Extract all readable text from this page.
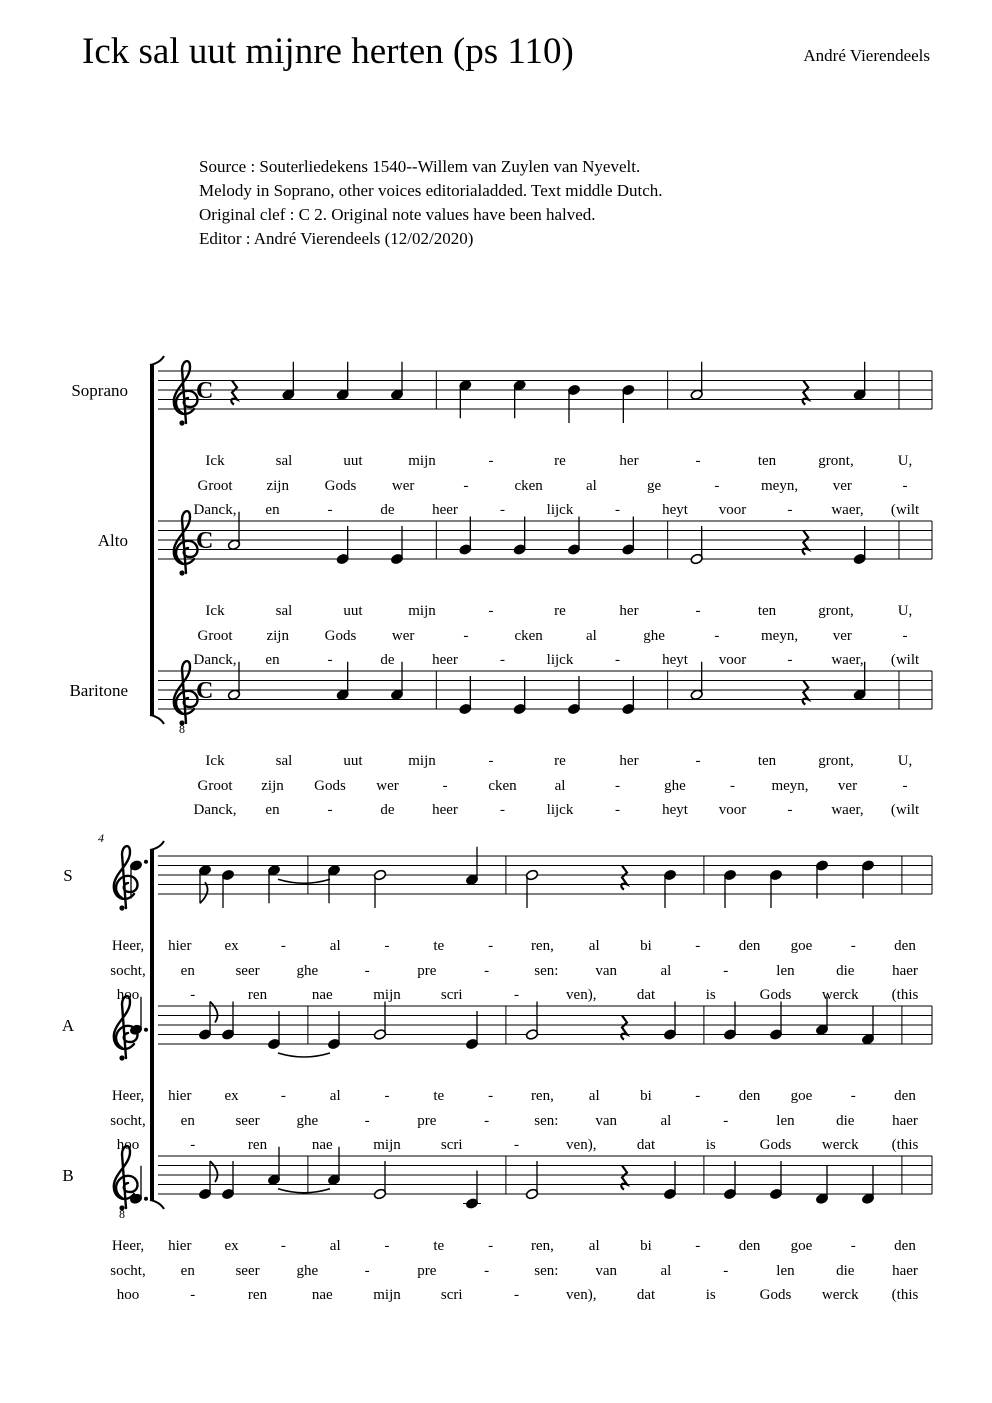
Ick sal uut mijnre herten (ps 110)	André Vierendeels
Source : Souterliedekens 1540--Willem van Zuylen van Nyevelt.
Melody in Soprano, other voices editorialadded. Text middle Dutch.
Original clef : C 2. Original note values have been halved.
Editor : André Vierendeels (12/02/2020)
Soprano	C
Ick	sal	uut	mijn	-	re	her	-	ten	gront,	U,
Groot zijn Gods wer	-	cken	al	ge	-	meyn, ver	-
Danck, en	-	de	heer	-	lijck	-	heyt voor	-	waer, (wilt
Alto	C
Ick	sal	uut	mijn	-	re	her	-	ten	gront,	U,
Groot zijn Gods wer	-	cken	al	ghe	-	meyn, ver	-
Danck, en	-	de	heer	-	lijck	-	heyt voor	-	waer, (wilt
Baritone
8
C
Ick	sal	uut	mijn	-	re	her	-	ten	gront,	U,
Groot zijn Gods wer	-	cken	al	-	ghe	- meyn, ver	-
Danck, en	-	de	heer	-	lijck	-	heyt voor	-	waer, (wilt
4
S
Heer, hier ex	-	al	-	te	-	ren, al	bi	-	den goe	-	den
socht, en	seer ghe	-	pre	-	sen: van	al	-	len	die	haer
hoo	-	ren	nae	mijn	scri	-	ven),	dat	is	Gods werck (this
A
Heer, hier ex	-	al	-	te	-	ren, al	bi	-	den goe	-	den
socht, en	seer ghe	-	pre	-	sen: van	al	-	len	die	haer
hoo	-	ren	nae	mijn	scri	-	ven),	dat	is	Gods werck (this
B
8
Heer, hier ex	-	al	-	te	-	ren, al	bi	-	den goe	-	den
socht, en	seer ghe	-	pre	-	sen: van	al	-	len	die	haer
hoo	-	ren	nae	mijn	scri	-	ven),	dat	is	Gods werck (this
